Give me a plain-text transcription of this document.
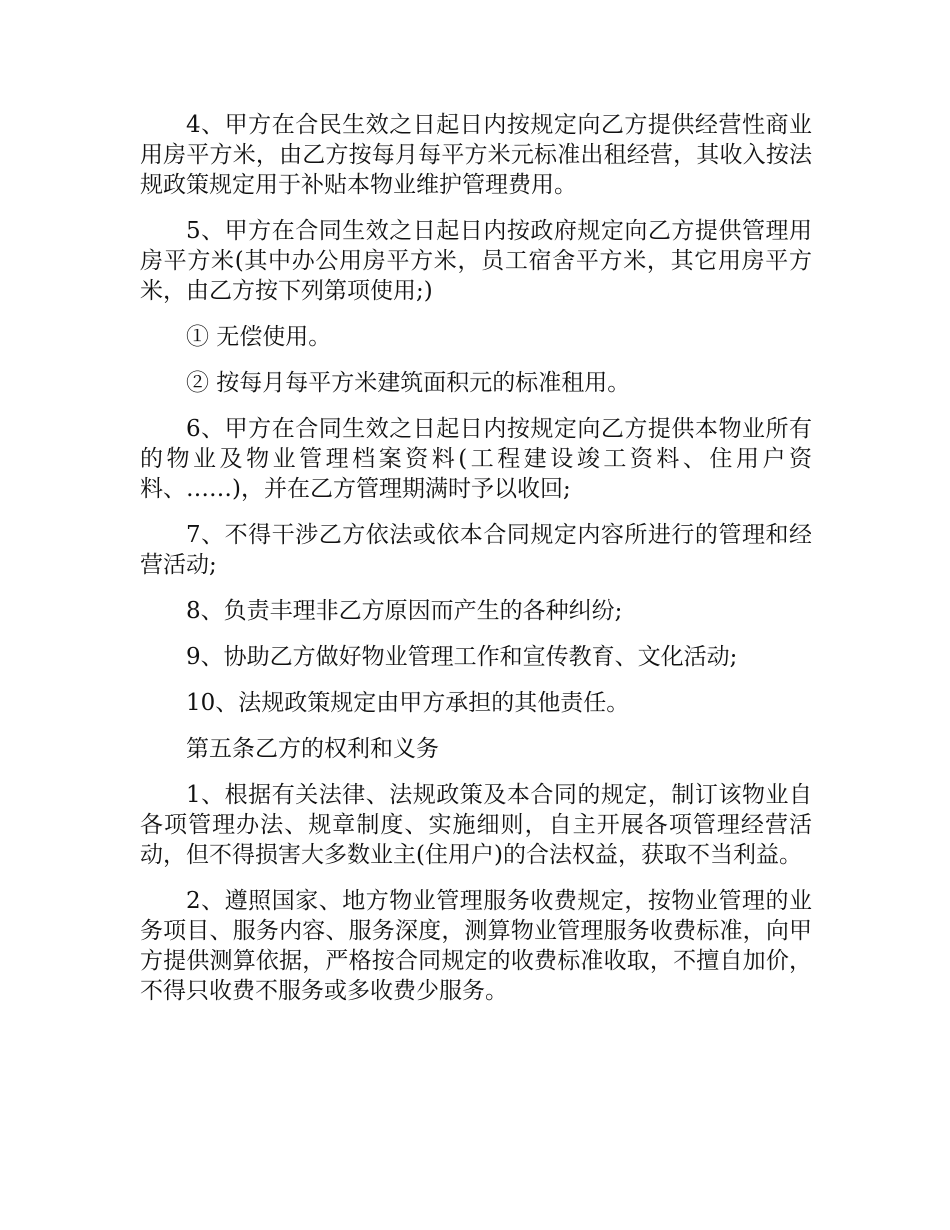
4、甲方在合民生效之日起日内按规定向乙方提供经营性商业用房平方米，由乙方按每月每平方米元标准出租经营，其收入按法规政策规定用于补贴本物业维护管理费用。

5、甲方在合同生效之日起日内按政府规定向乙方提供管理用房平方米(其中办公用房平方米，员工宿舍平方米，其它用房平方米，由乙方按下列第项使用;)

① 无偿使用。

② 按每月每平方米建筑面积元的标准租用。

6、甲方在合同生效之日起日内按规定向乙方提供本物业所有的物业及物业管理档案资料(工程建设竣工资料、住用户资料、……)，并在乙方管理期满时予以收回;

7、不得干涉乙方依法或依本合同规定内容所进行的管理和经营活动;

8、负责丰理非乙方原因而产生的各种纠纷;

9、协助乙方做好物业管理工作和宣传教育、文化活动;

10、法规政策规定由甲方承担的其他责任。

第五条乙方的权利和义务

1、根据有关法律、法规政策及本合同的规定，制订该物业自各项管理办法、规章制度、实施细则，自主开展各项管理经营活动，但不得损害大多数业主(住用户)的合法权益，获取不当利益。

2、遵照国家、地方物业管理服务收费规定，按物业管理的业务项目、服务内容、服务深度，测算物业管理服务收费标准，向甲方提供测算依据，严格按合同规定的收费标准收取，不擅自加价，不得只收费不服务或多收费少服务。
